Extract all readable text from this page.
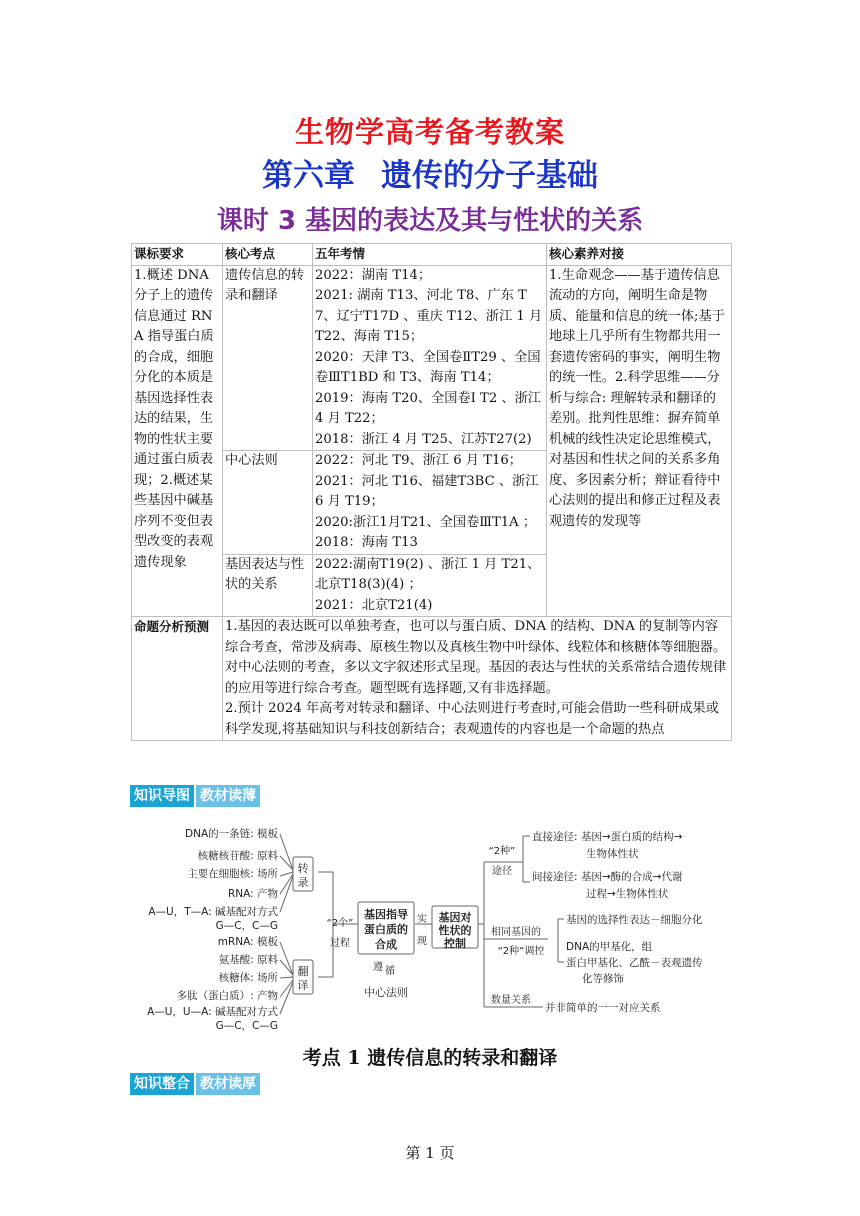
生物学高考备考教案
第六章 遗传的分子基础
课时 3 基因的表达及其与性状的关系
课标要求	核心考点	五年考情	核心素养对接
1.概述 DNA 分子上的遗传信息通过 RNA 指导蛋白质的合成，细胞分化的本质是基因选择性表达的结果，生物的性状主要通过蛋白质表现；2.概述某些基因中碱基序列不变但表型改变的表观遗传现象	遗传信息的转录和翻译	2022：湖南 T14；
2021: 湖南 T13、河北 T8、广东 T7、辽宁T17D 、重庆 T12、浙江 1 月 T22、海南 T15；
2020：天津 T3、全国卷ⅡT29 、全国卷ⅢT1BD 和 T3、海南 T14；
2019：海南 T20、全国卷Ⅰ T2 、浙江 4 月 T22；
2018：浙江 4 月 T25、江苏T27(2)	1.生命观念——基于遗传信息流动的方向，阐明生命是物质、能量和信息的统一体;基于地球上几乎所有生物都共用一套遗传密码的事实，阐明生物的统一性。2.科学思维——分析与综合: 理解转录和翻译的差别。批判性思维：摒弃简单机械的线性决定论思维模式，对基因和性状之间的关系多角度、多因素分析；辩证看待中心法则的提出和修正过程及表观遗传的发现等
	中心法则	2022：河北 T9、浙江 6 月 T16；
2021：河北 T16、福建T3BC 、浙江 6 月 T19；
2020:浙江1月T21、全国卷ⅢT1A ；
2018：海南 T13	

	基因表达与性状的关系	2022:湖南T19(2) 、浙江 1 月 T21、北京T18(3)(4) ；
2021：北京T21(4)	

命题分析预测	1.基因的表达既可以单独考查，也可以与蛋白质、DNA 的结构、DNA 的复制等内容综合考查，常涉及病毒、原核生物以及真核生物中叶绿体、线粒体和核糖体等细胞器。对中心法则的考查，多以文字叙述形式呈现。基因的表达与性状的关系常结合遗传规律的应用等进行综合考查。题型既有选择题,又有非选择题。
2.预计 2024 年高考对转录和翻译、中心法则进行考查时,可能会借助一些科研成果或科学发现,将基础知识与科技创新结合；表观遗传的内容也是一个命题的热点		
知识导图 教材读薄
DNA的一条链: 模板
核糖核苷酸: 原料
主要在细胞核: 场所
RNA: 产物
A—U，T—A: 碱基配对方式
G—C，C—G
mRNA: 模板
氨基酸: 原料
核糖体: 场所
多肽（蛋白质）: 产物
A—U，U—A: 碱基配对方式
G—C，C—G
转
录
翻
译
“2个”
过程
基因指导
蛋白质的
合成
遵 循
中心法则
实
现
基因对
性状的
控制
“2种”
途径
相同基因的
“2种”调控
数量关系
直接途径: 基因→蛋白质的结构→
生物体性状
间接途径: 基因→酶的合成→代谢
过程→生物体性状
基因的选择性表达－细胞分化
DNA的甲基化，组
蛋白甲基化、乙酰－表观遗传
化等修饰
并非简单的一一对应关系
考点 1 遗传信息的转录和翻译
知识整合 教材读厚
第 1 页
